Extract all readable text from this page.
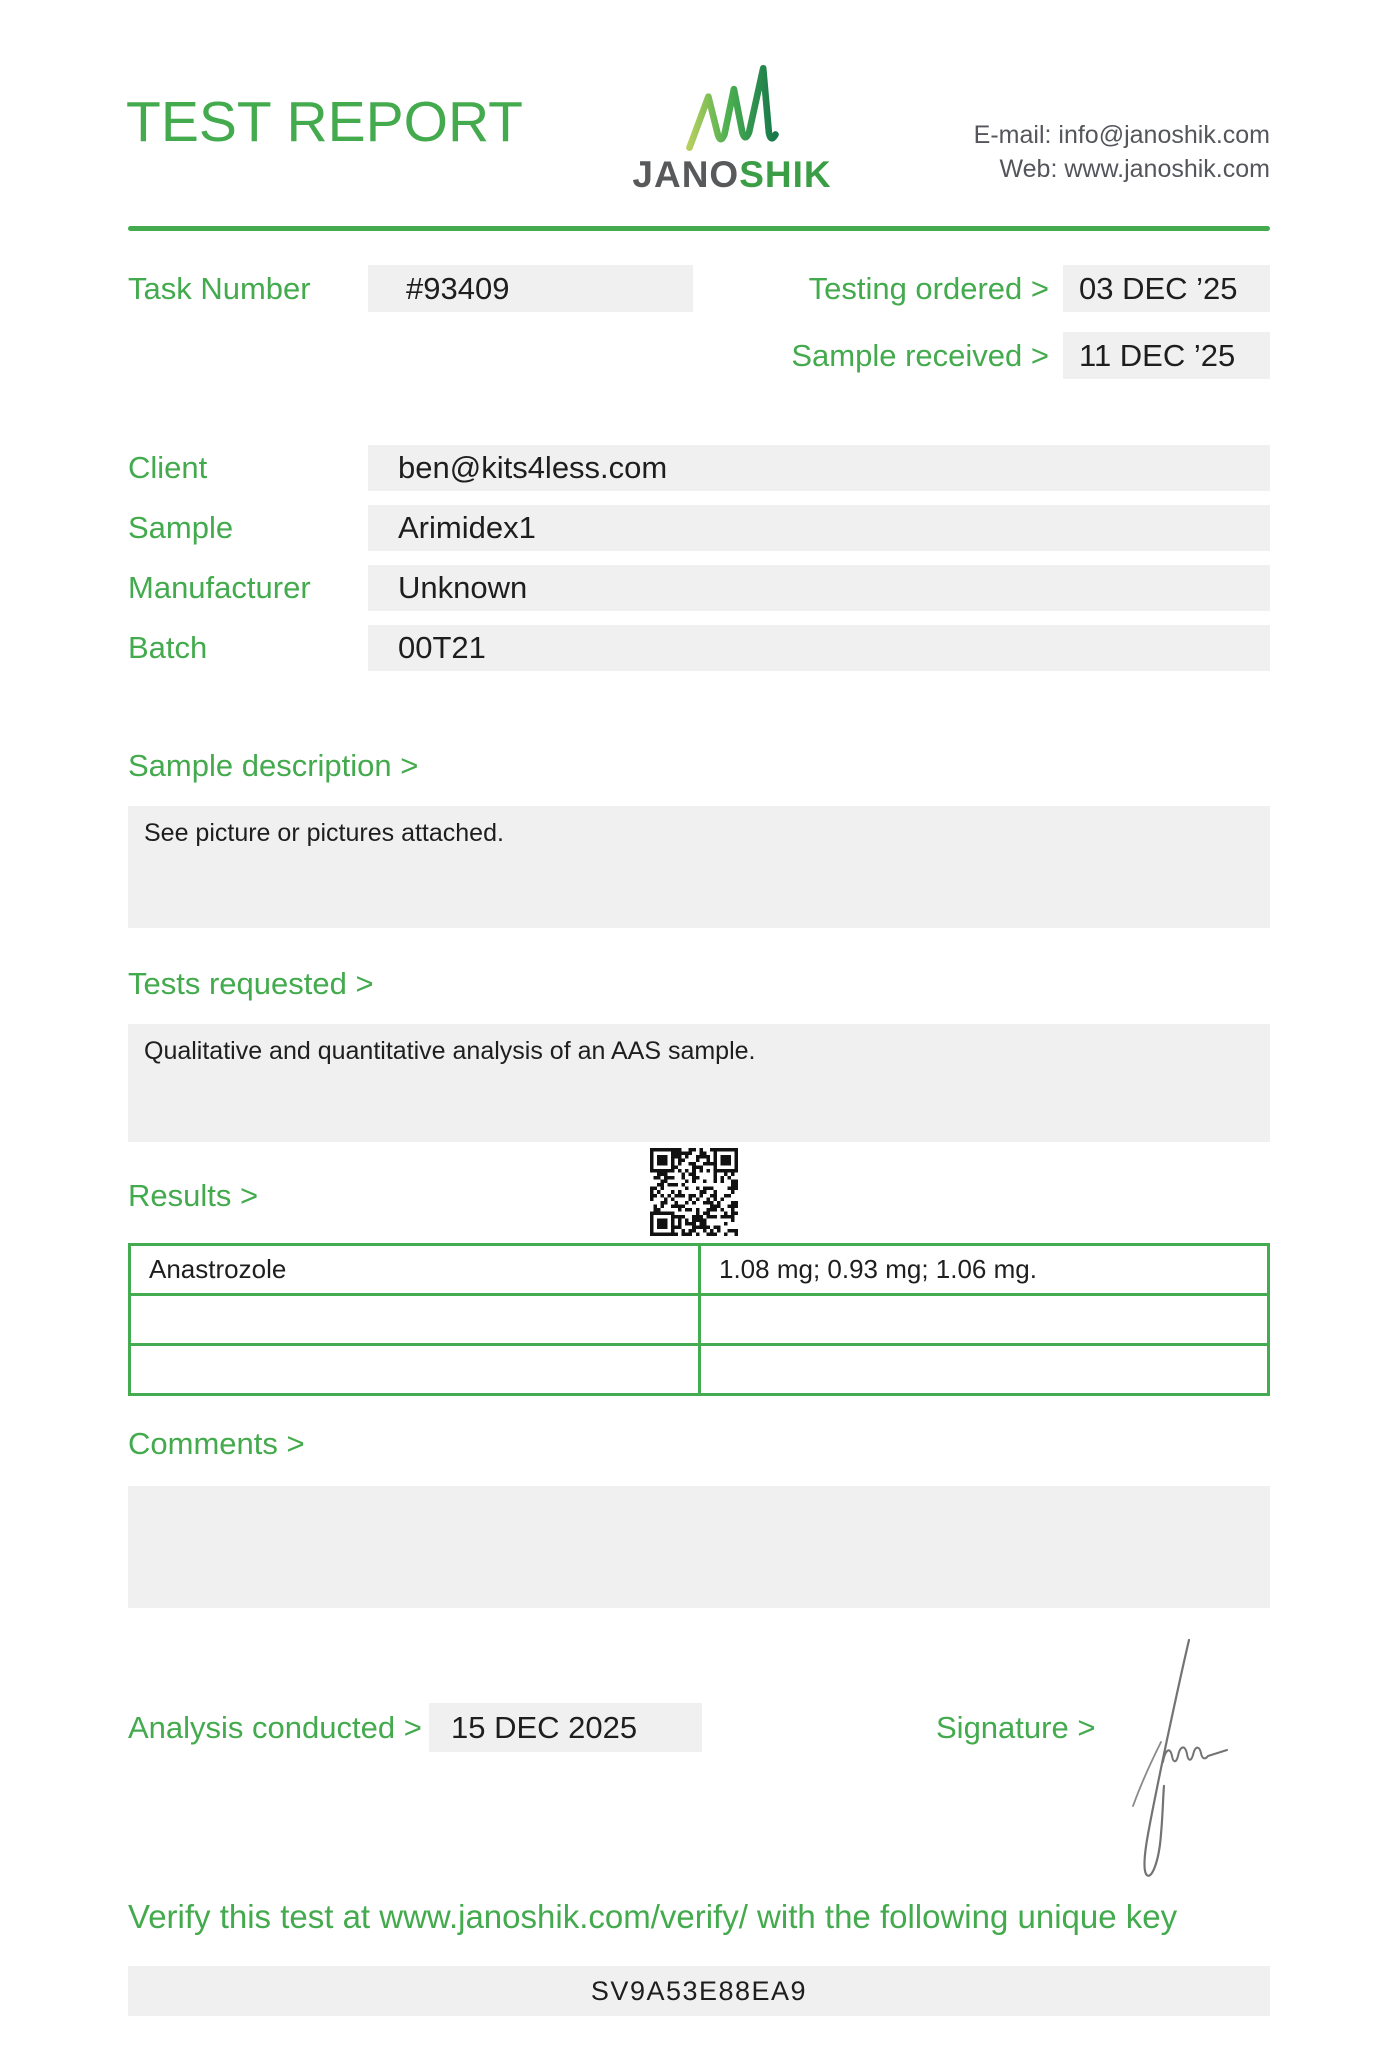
TEST REPORT
JANOSHIK
E-mail: info@janoshik.com
Web: www.janoshik.com
Task Number	#93409	Testing ordered > 03 DEC ’25
Sample received > 11 DEC ’25
Client	ben@kits4less.com
Sample	Arimidex1
Manufacturer	Unknown
Batch	00T21
Sample description >
See picture or pictures attached.
Tests requested >
Qualitative and quantitative analysis of an AAS sample.
Results >
Anastrozole	1.08 mg; 0.93 mg; 1.06 mg.

Comments >
Analysis conducted > 15 DEC 2025	Signature >
Verify this test at www.janoshik.com/verify/ with the following unique key
SV9A53E88EA9
